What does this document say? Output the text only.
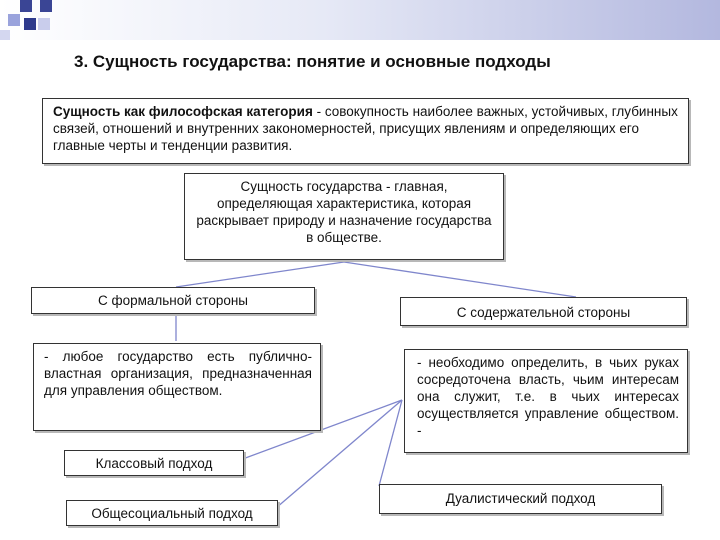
3. Сущность государства: понятие и основные подходы
Сущность как философская категория - совокупность наиболее важных, устойчивых, глубинных связей, отношений и внутренних закономерностей, присущих явлениям и определяющих его главные черты и тенденции развития.
Сущность государства - главная, определяющая характеристика, которая раскрывает природу и назначение государства в обществе.
С формальной стороны
С содержательной стороны
- любое государство есть публично-властная организация, предназначенная для управления обществом.
- необходимо определить, в чьих руках сосредоточена власть, чьим интересам она служит, т.е. в чьих интересах осуществляется управление обществом. -
Классовый подход
Общесоциальный подход
Дуалистический подход
